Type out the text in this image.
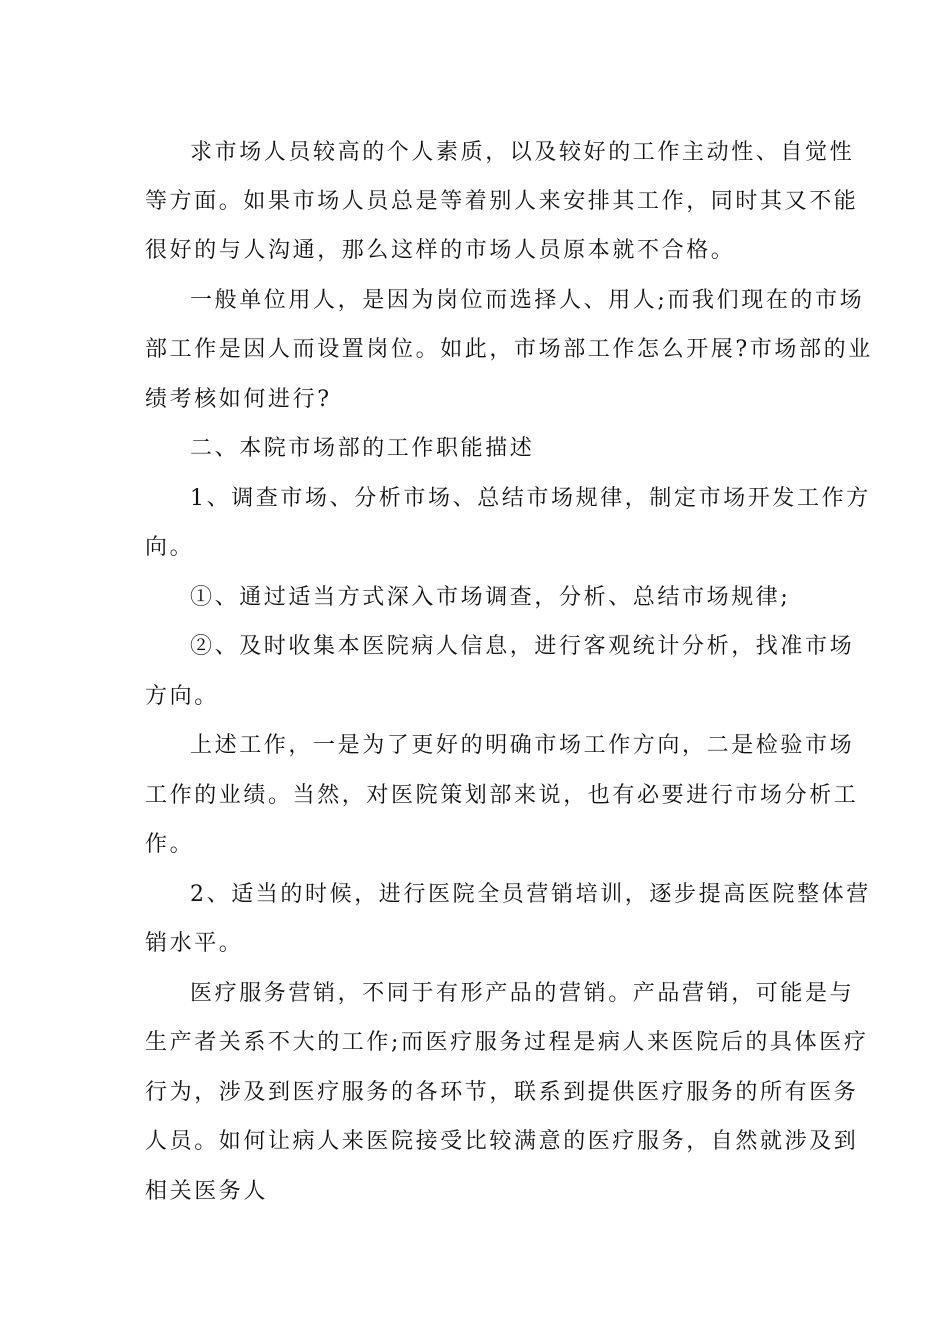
求市场人员较高的个人素质，以及较好的工作主动性、自觉性
等方面。如果市场人员总是等着别人来安排其工作，同时其又不能
很好的与人沟通，那么这样的市场人员原本就不合格。
一般单位用人，是因为岗位而选择人、用人;而我们现在的市场
部工作是因人而设置岗位。如此，市场部工作怎么开展?市场部的业
绩考核如何进行?
二、本院市场部的工作职能描述
1、调查市场、分析市场、总结市场规律，制定市场开发工作方
向。
①、通过适当方式深入市场调查，分析、总结市场规律;
②、及时收集本医院病人信息，进行客观统计分析，找准市场
方向。
上述工作，一是为了更好的明确市场工作方向，二是检验市场
工作的业绩。当然，对医院策划部来说，也有必要进行市场分析工
作。
2、适当的时候，进行医院全员营销培训，逐步提高医院整体营
销水平。
医疗服务营销，不同于有形产品的营销。产品营销，可能是与
生产者关系不大的工作;而医疗服务过程是病人来医院后的具体医疗
行为，涉及到医疗服务的各环节，联系到提供医疗服务的所有医务
人员。如何让病人来医院接受比较满意的医疗服务，自然就涉及到
相关医务人
